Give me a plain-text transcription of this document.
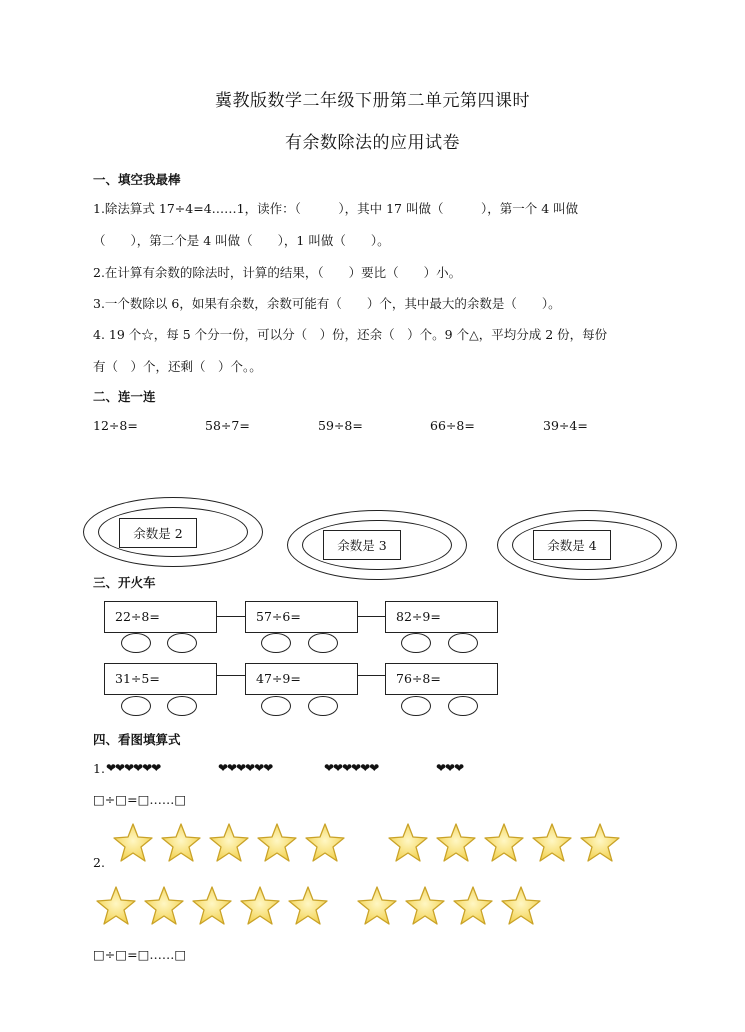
冀教版数学二年级下册第二单元第四课时
有余数除法的应用试卷
一、填空我最棒
1.除法算式 17÷4=4……1，读作：（　　　），其中 17 叫做（　　　），第一个 4 叫做
（　　），第二个是 4 叫做（　　），1 叫做（　　）。
2.在计算有余数的除法时，计算的结果，（　　）要比（　　）小。
3.一个数除以 6，如果有余数，余数可能有（　　）个，其中最大的余数是（　　）。
4. 19 个☆，每 5 个分一份，可以分（　）份，还余（　）个。9 个△，平均分成 2 份，每份
有（　）个，还剩（　）个。。
二、连一连
12÷8=	58÷7=	59÷8=	66÷8=	39÷4=
余数是 2
余数是 3	余数是 4
三、开火车
22÷8=	57÷6=	82÷9=
31÷5=	47÷9=	76÷8=
四、看图填算式
1. ❤❤❤❤❤❤	❤❤❤❤❤❤	❤❤❤❤❤❤	❤❤❤
□÷□=□……□
2.
□÷□=□……□
